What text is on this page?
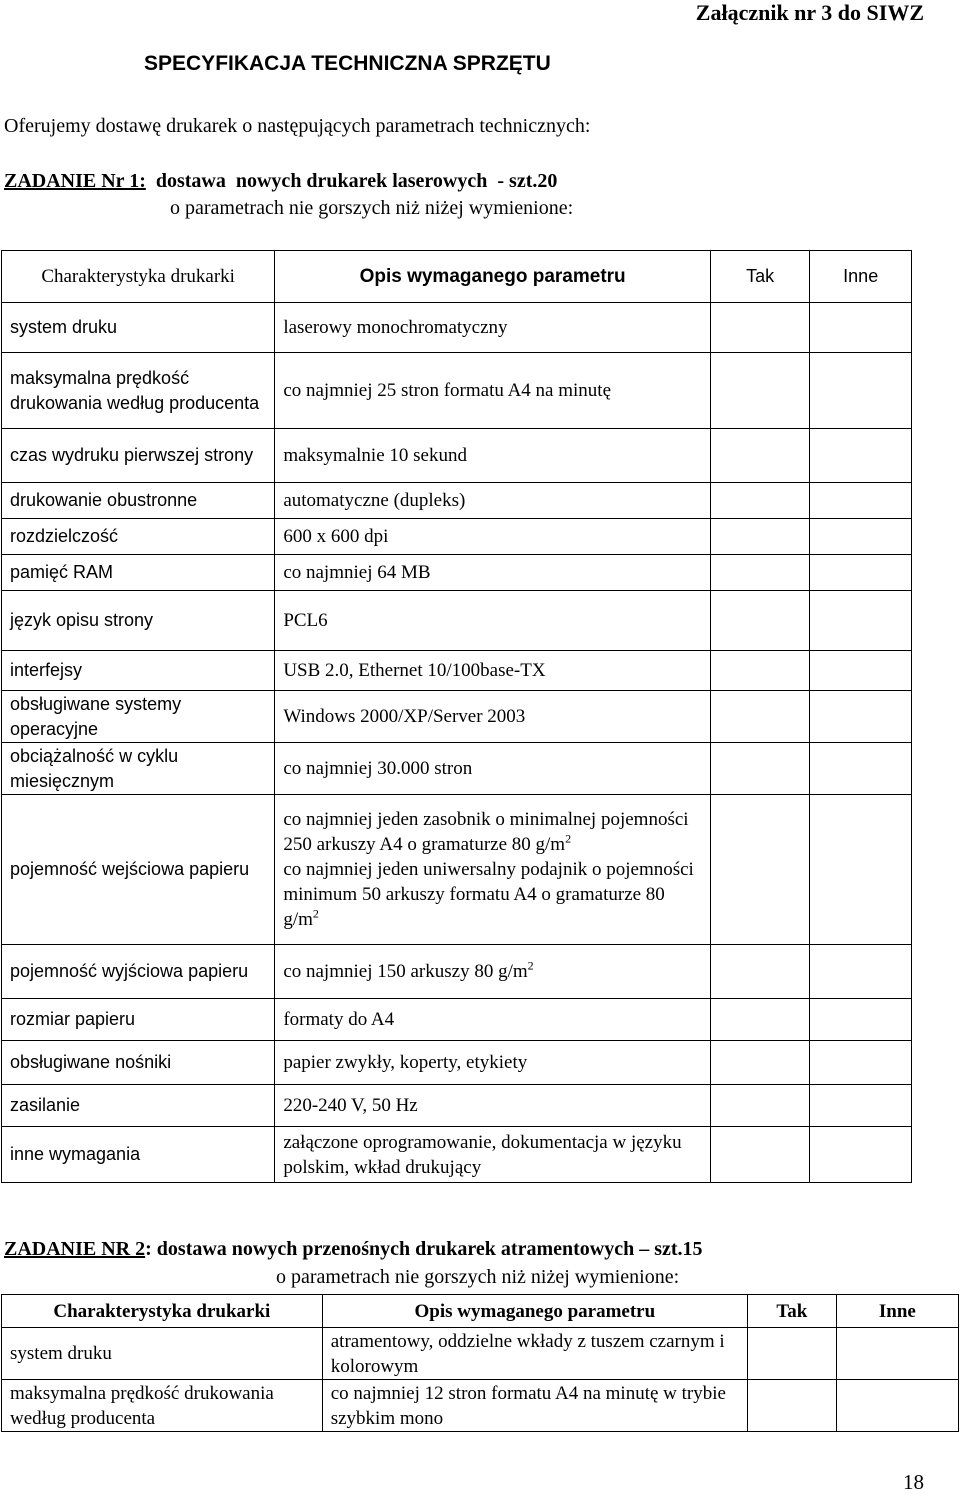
Załącznik nr 3 do SIWZ
SPECYFIKACJA TECHNICZNA SPRZĘTU
Oferujemy dostawę drukarek o następujących parametrach technicznych:
ZADANIE Nr 1:  dostawa  nowych drukarek laserowych  - szt.20
o parametrach nie gorszych niż niżej wymienione:
Charakterystyka drukarki	Opis wymaganego parametru	Tak	Inne
system druku	laserowy monochromatyczny		
maksymalna prędkość drukowania według producenta	co najmniej 25 stron formatu A4 na minutę		
czas wydruku pierwszej strony	maksymalnie 10 sekund		
drukowanie obustronne	automatyczne (dupleks)		
rozdzielczość	600 x 600 dpi		
pamięć RAM	co najmniej 64 MB		
język opisu strony	PCL6		
interfejsy	USB 2.0, Ethernet 10/100base-TX		
obsługiwane systemy operacyjne	Windows 2000/XP/Server 2003		
obciążalność w cyklu miesięcznym	co najmniej 30.000 stron		
pojemność wejściowa papieru	co najmniej jeden zasobnik o minimalnej pojemności 250 arkuszy A4 o gramaturze 80 $g/m^2$
co najmniej jeden uniwersalny podajnik o pojemności minimum 50 arkuszy formatu A4 o gramaturze 80 $g/m^2$

pojemność wyjściowa papieru	co najmniej 150 arkuszy 80 $g/m^2$		
rozmiar papieru	formaty do A4		
obsługiwane nośniki	papier zwykły, koperty, etykiety		
zasilanie	220-240 V, 50 Hz		
inne wymagania	załączone oprogramowanie, dokumentacja w języku polskim, wkład drukujący		
ZADANIE NR 2: dostawa nowych przenośnych drukarek atramentowych – szt.15
o parametrach nie gorszych niż niżej wymienione:
Charakterystyka drukarki	Opis wymaganego parametru	Tak	Inne
system druku	atramentowy, oddzielne wkłady z tuszem czarnym i kolorowym		
maksymalna prędkość drukowania według producenta	co najmniej 12 stron formatu A4 na minutę w trybie szybkim mono		
18
